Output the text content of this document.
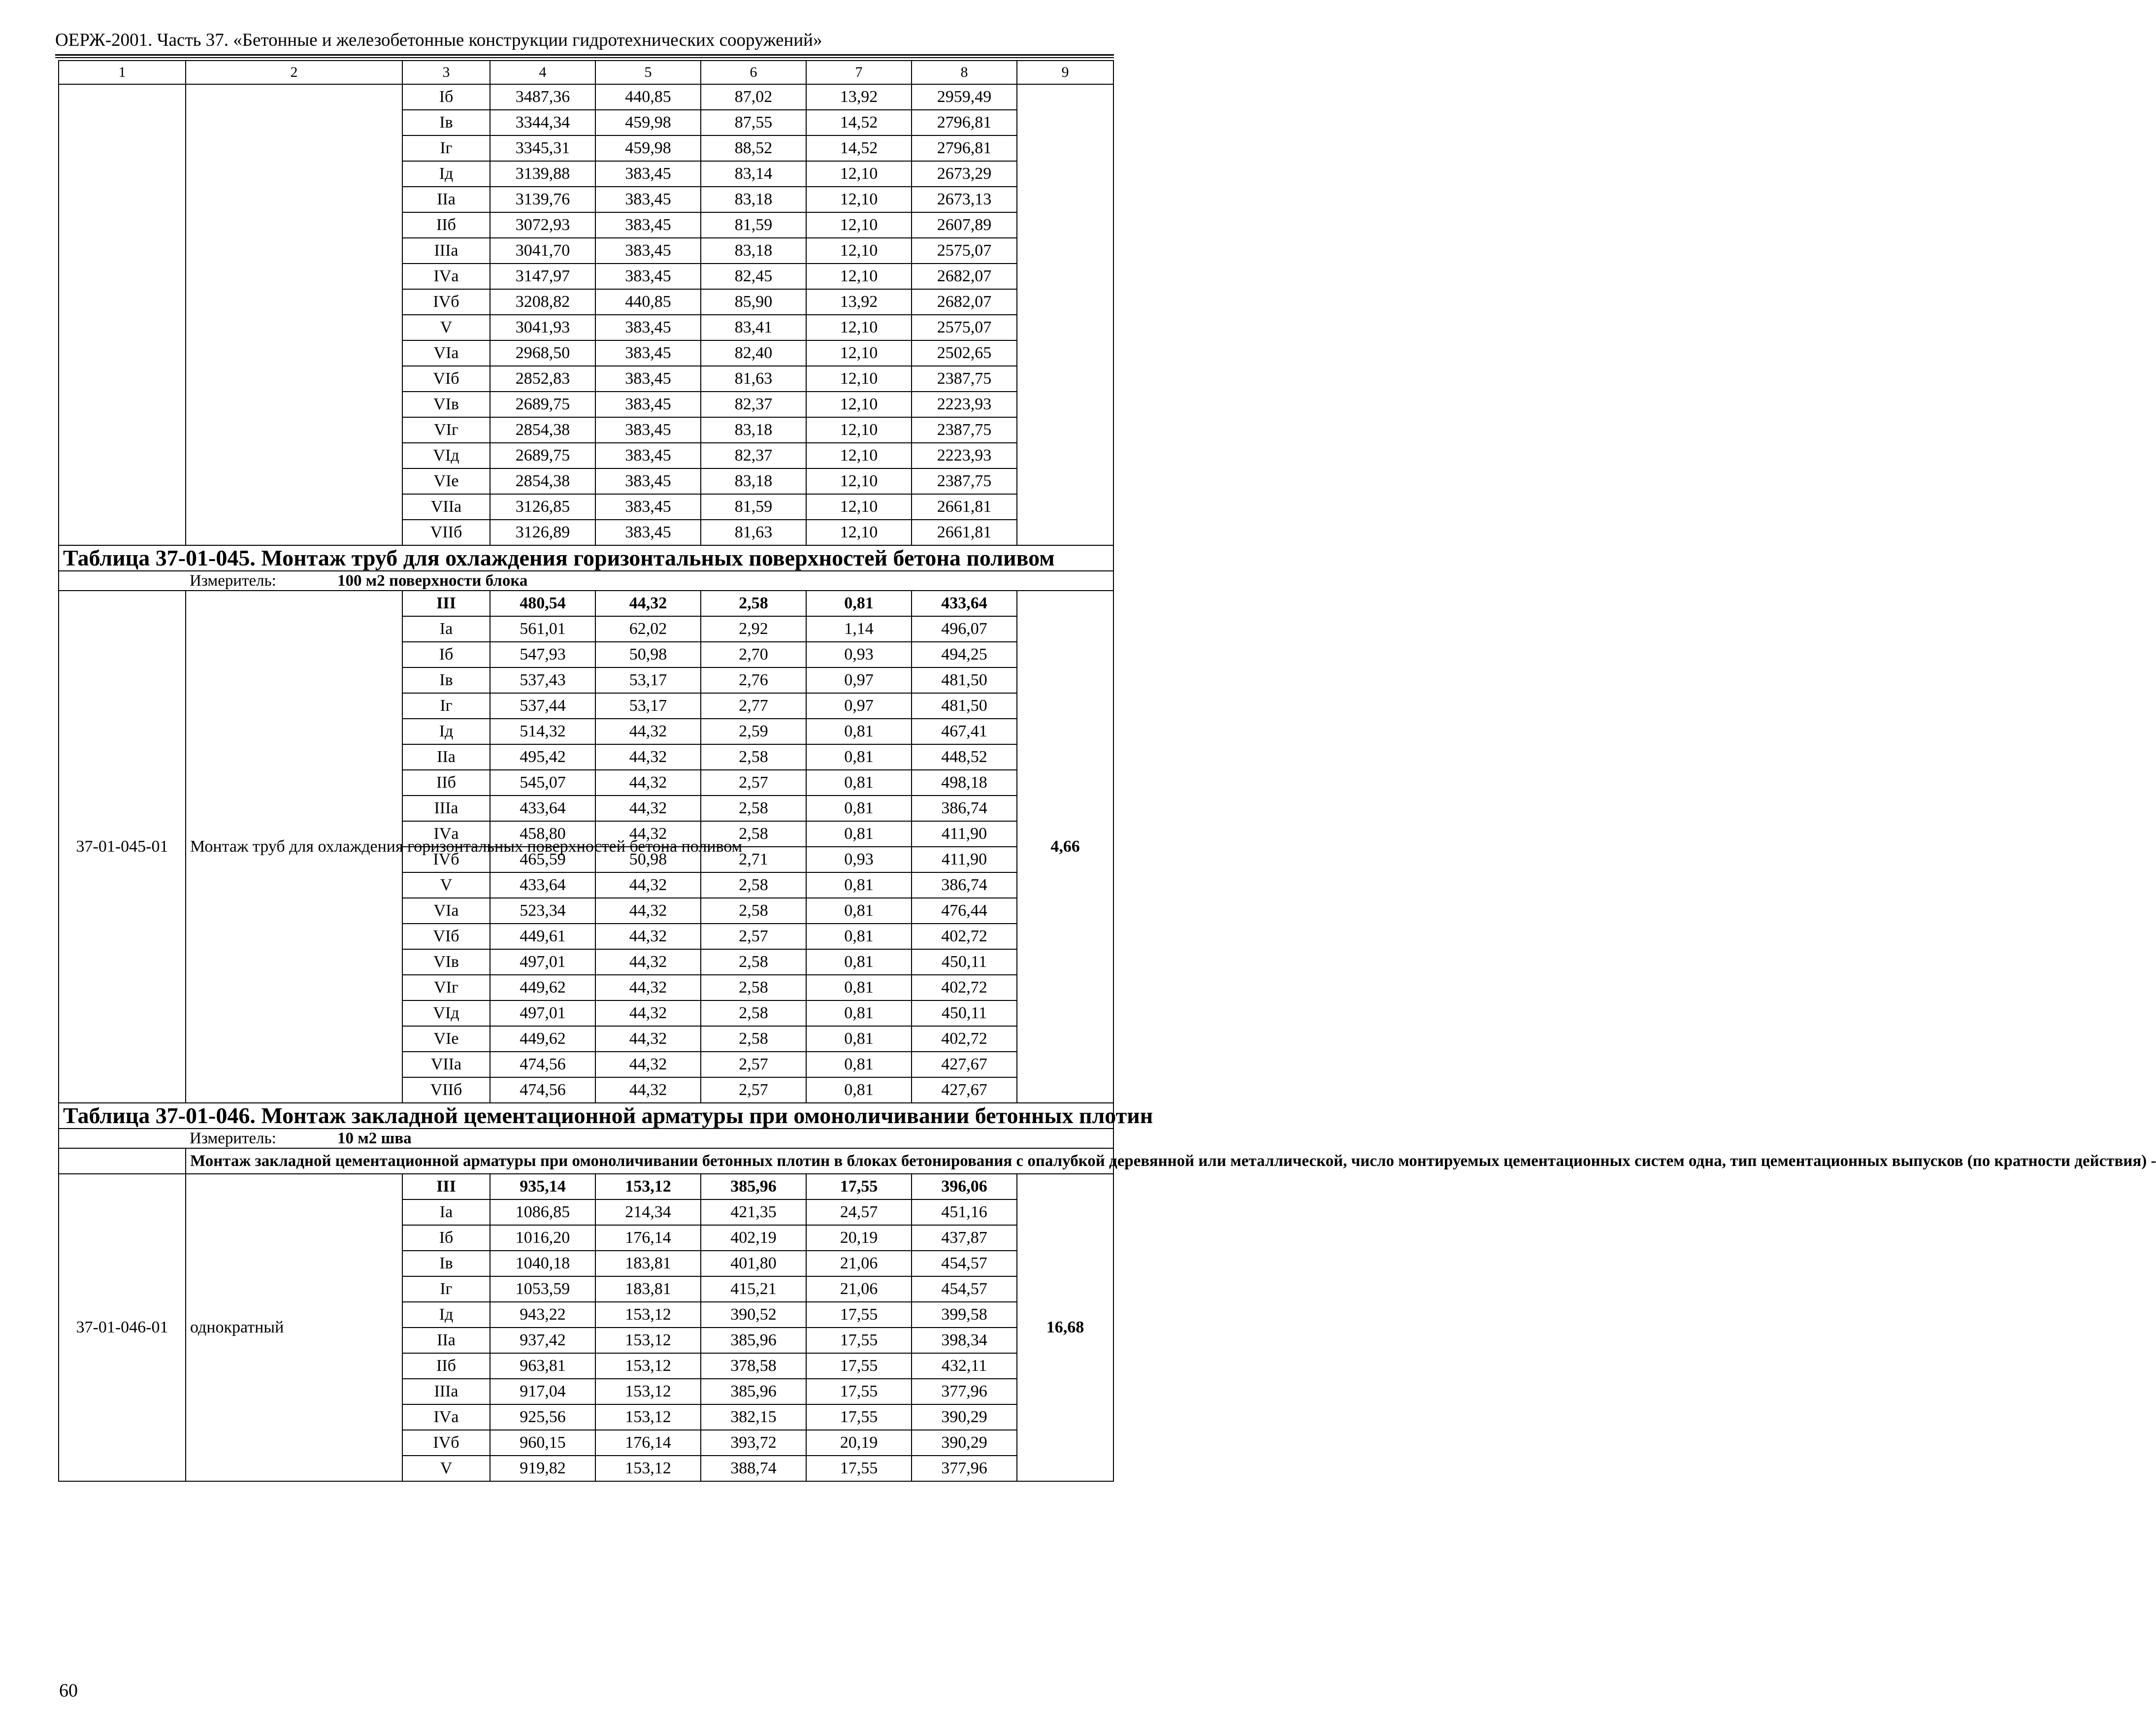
ОЕРЖ-2001. Часть 37. «Бетонные и железобетонные конструкции гидротехнических сооружений»
1	2	3	4	5	6	7	8	9
		Iб	3487,36	440,85	87,02	13,92	2959,49	
		Iв	3344,34	459,98	87,55	14,52	2796,81	
		Iг	3345,31	459,98	88,52	14,52	2796,81	
		Iд	3139,88	383,45	83,14	12,10	2673,29	
		IIа	3139,76	383,45	83,18	12,10	2673,13	
		IIб	3072,93	383,45	81,59	12,10	2607,89	
		IIIа	3041,70	383,45	83,18	12,10	2575,07	
		IVа	3147,97	383,45	82,45	12,10	2682,07	
		IVб	3208,82	440,85	85,90	13,92	2682,07	
		V	3041,93	383,45	83,41	12,10	2575,07	
		VIа	2968,50	383,45	82,40	12,10	2502,65	
		VIб	2852,83	383,45	81,63	12,10	2387,75	
		VIв	2689,75	383,45	82,37	12,10	2223,93	
		VIг	2854,38	383,45	83,18	12,10	2387,75	
		VIд	2689,75	383,45	82,37	12,10	2223,93	
		VIе	2854,38	383,45	83,18	12,10	2387,75	
		VIIа	3126,85	383,45	81,59	12,10	2661,81	
		VIIб	3126,89	383,45	81,63	12,10	2661,81	
Таблица 37-01-045. Монтаж труб для охлаждения горизонтальных поверхностей бетона поливом								
	Измеритель: 100 м2 поверхности блока							
37-01-045-01	Монтаж труб для охлаждения горизонтальных поверхностей бетона поливом	III	480,54	44,32	2,58	0,81	433,64	4,66
		Iа	561,01	62,02	2,92	1,14	496,07	
		Iб	547,93	50,98	2,70	0,93	494,25	
		Iв	537,43	53,17	2,76	0,97	481,50	
		Iг	537,44	53,17	2,77	0,97	481,50	
		Iд	514,32	44,32	2,59	0,81	467,41	
		IIа	495,42	44,32	2,58	0,81	448,52	
		IIб	545,07	44,32	2,57	0,81	498,18	
		IIIа	433,64	44,32	2,58	0,81	386,74	
		IVа	458,80	44,32	2,58	0,81	411,90	
		IVб	465,59	50,98	2,71	0,93	411,90	
		V	433,64	44,32	2,58	0,81	386,74	
		VIа	523,34	44,32	2,58	0,81	476,44	
		VIб	449,61	44,32	2,57	0,81	402,72	
		VIв	497,01	44,32	2,58	0,81	450,11	
		VIг	449,62	44,32	2,58	0,81	402,72	
		VIд	497,01	44,32	2,58	0,81	450,11	
		VIе	449,62	44,32	2,58	0,81	402,72	
		VIIа	474,56	44,32	2,57	0,81	427,67	
		VIIб	474,56	44,32	2,57	0,81	427,67	
Таблица 37-01-046. Монтаж закладной цементационной арматуры при омоноличивании бетонных плотин								
	Измеритель: 10 м2 шва							
	Монтаж закладной цементационной арматуры при омоноличивании бетонных плотин в блоках бетонирования с опалубкой деревянной или металлической, число монтируемых цементационных систем одна, тип цементационных выпусков (по кратности действия) -							
37-01-046-01	однократный	III	935,14	153,12	385,96	17,55	396,06	16,68
		Iа	1086,85	214,34	421,35	24,57	451,16	
		Iб	1016,20	176,14	402,19	20,19	437,87	
		Iв	1040,18	183,81	401,80	21,06	454,57	
		Iг	1053,59	183,81	415,21	21,06	454,57	
		Iд	943,22	153,12	390,52	17,55	399,58	
		IIа	937,42	153,12	385,96	17,55	398,34	
		IIб	963,81	153,12	378,58	17,55	432,11	
		IIIа	917,04	153,12	385,96	17,55	377,96	
		IVа	925,56	153,12	382,15	17,55	390,29	
		IVб	960,15	176,14	393,72	20,19	390,29	
		V	919,82	153,12	388,74	17,55	377,96	
60
